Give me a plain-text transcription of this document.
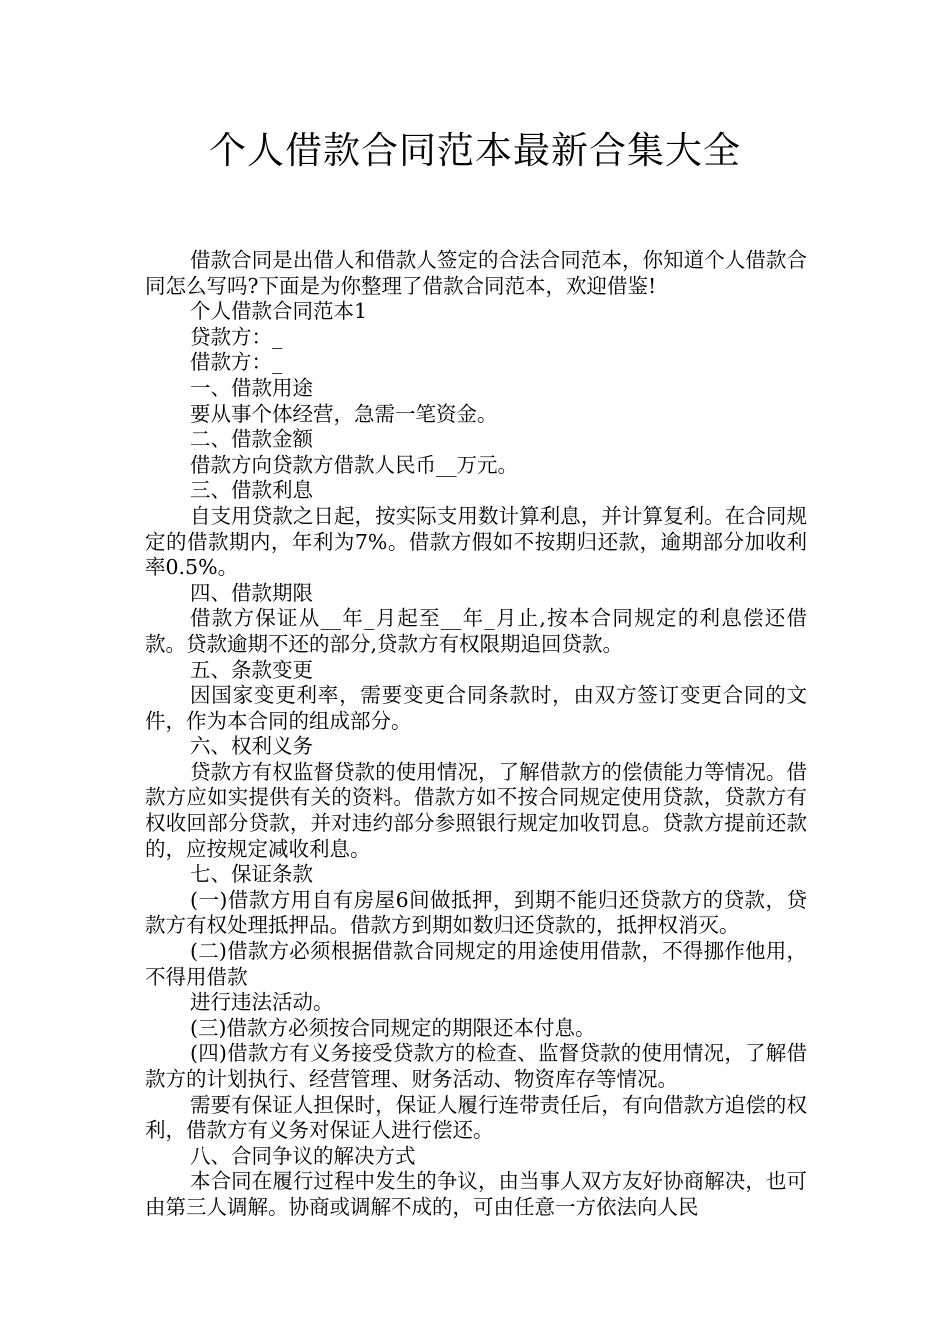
个人借款合同范本最新合集大全

借款合同是出借人和借款人签定的合法合同范本，你知道个人借款合同怎么写吗?下面是为你整理了借款合同范本，欢迎借鉴!

个人借款合同范本1

贷款方：_

借款方：_

一、借款用途

要从事个体经营，急需一笔资金。

二、借款金额

借款方向贷款方借款人民币__万元。

三、借款利息

自支用贷款之日起，按实际支用数计算利息，并计算复利。在合同规定的借款期内，年利为7%。借款方假如不按期归还款，逾期部分加收利率0.5%。

四、借款期限

借款方保证从__年_月起至__年_月止,按本合同规定的利息偿还借款。贷款逾期不还的部分,贷款方有权限期追回贷款。

五、条款变更

因国家变更利率，需要变更合同条款时，由双方签订变更合同的文件，作为本合同的组成部分。

六、权利义务

贷款方有权监督贷款的使用情况，了解借款方的偿债能力等情况。借款方应如实提供有关的资料。借款方如不按合同规定使用贷款，贷款方有权收回部分贷款，并对违约部分参照银行规定加收罚息。贷款方提前还款的，应按规定减收利息。

七、保证条款

(一)借款方用自有房屋6间做抵押，到期不能归还贷款方的贷款，贷款方有权处理抵押品。借款方到期如数归还贷款的，抵押权消灭。

(二)借款方必须根据借款合同规定的用途使用借款，不得挪作他用，不得用借款

进行违法活动。

(三)借款方必须按合同规定的期限还本付息。

(四)借款方有义务接受贷款方的检查、监督贷款的使用情况，了解借款方的计划执行、经营管理、财务活动、物资库存等情况。

需要有保证人担保时，保证人履行连带责任后，有向借款方追偿的权利，借款方有义务对保证人进行偿还。

八、合同争议的解决方式

本合同在履行过程中发生的争议，由当事人双方友好协商解决，也可由第三人调解。协商或调解不成的，可由任意一方依法向人民
